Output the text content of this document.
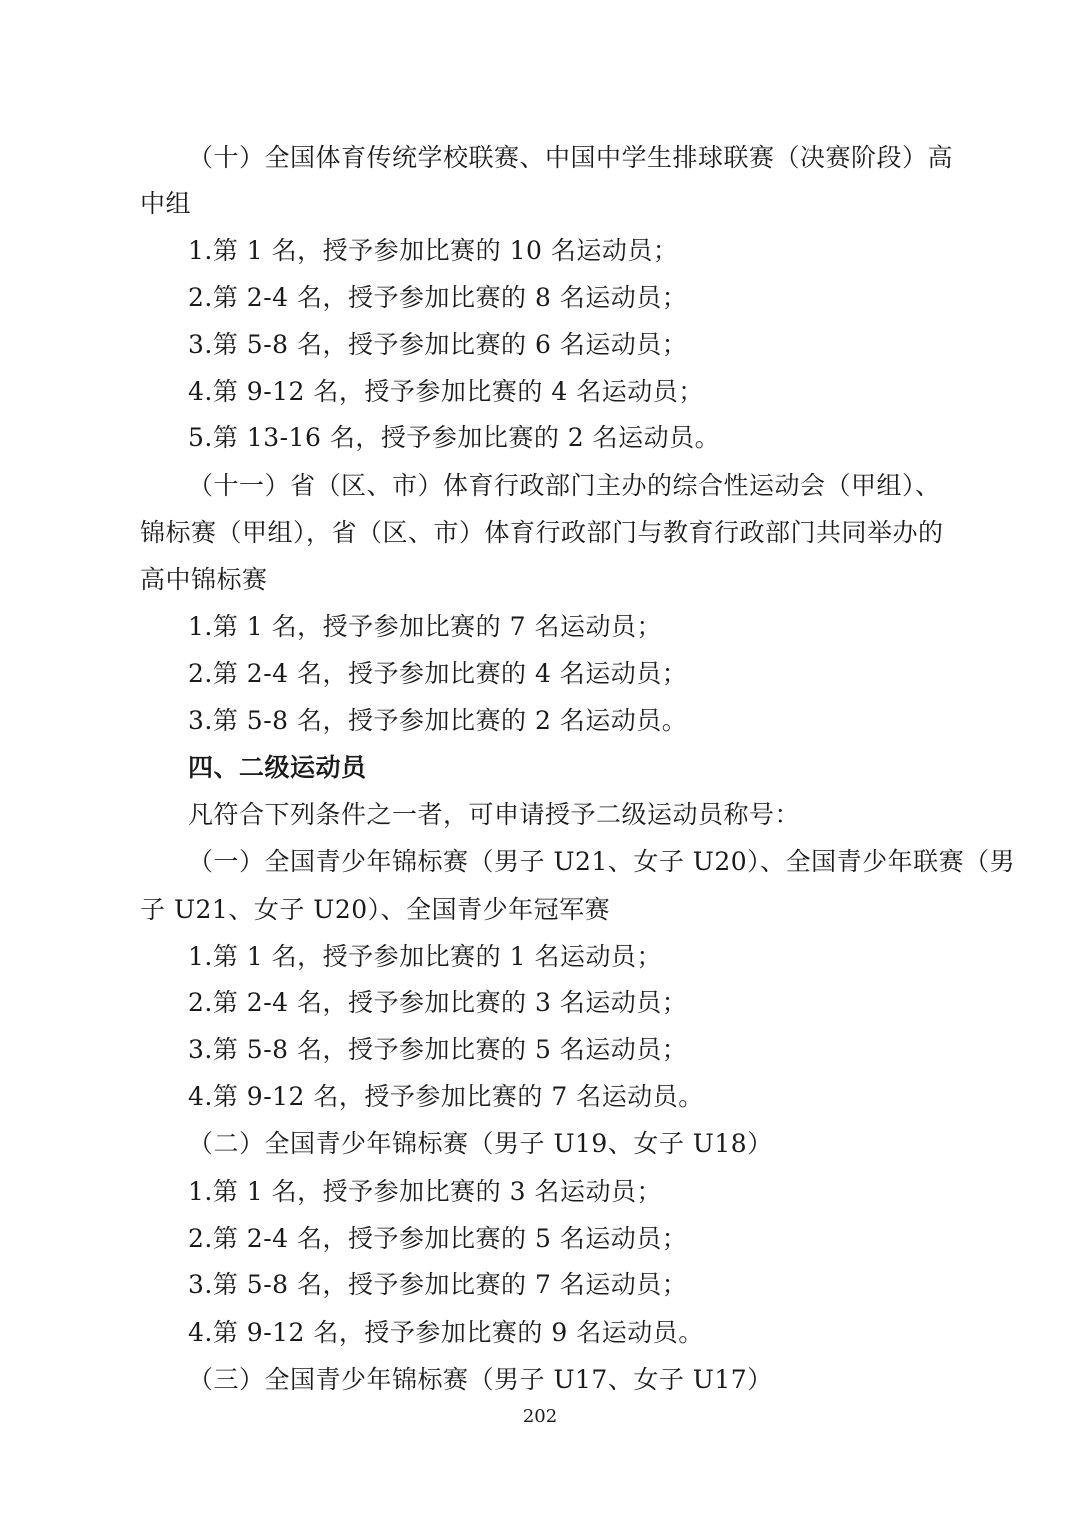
（十）全国体育传统学校联赛、中国中学生排球联赛（决赛阶段）高
中组
1.第 1 名，授予参加比赛的 10 名运动员；
2.第 2-4 名，授予参加比赛的 8 名运动员；
3.第 5-8 名，授予参加比赛的 6 名运动员；
4.第 9-12 名，授予参加比赛的 4 名运动员；
5.第 13-16 名，授予参加比赛的 2 名运动员。
（十一）省（区、市）体育行政部门主办的综合性运动会（甲组）、
锦标赛（甲组），省（区、市）体育行政部门与教育行政部门共同举办的
高中锦标赛
1.第 1 名，授予参加比赛的 7 名运动员；
2.第 2-4 名，授予参加比赛的 4 名运动员；
3.第 5-8 名，授予参加比赛的 2 名运动员。
四、二级运动员
凡符合下列条件之一者，可申请授予二级运动员称号：
（一）全国青少年锦标赛（男子 U21、女子 U20）、全国青少年联赛（男
子 U21、女子 U20）、全国青少年冠军赛
1.第 1 名，授予参加比赛的 1 名运动员；
2.第 2-4 名，授予参加比赛的 3 名运动员；
3.第 5-8 名，授予参加比赛的 5 名运动员；
4.第 9-12 名，授予参加比赛的 7 名运动员。
（二）全国青少年锦标赛（男子 U19、女子 U18）
1.第 1 名，授予参加比赛的 3 名运动员；
2.第 2-4 名，授予参加比赛的 5 名运动员；
3.第 5-8 名，授予参加比赛的 7 名运动员；
4.第 9-12 名，授予参加比赛的 9 名运动员。
（三）全国青少年锦标赛（男子 U17、女子 U17）
202
